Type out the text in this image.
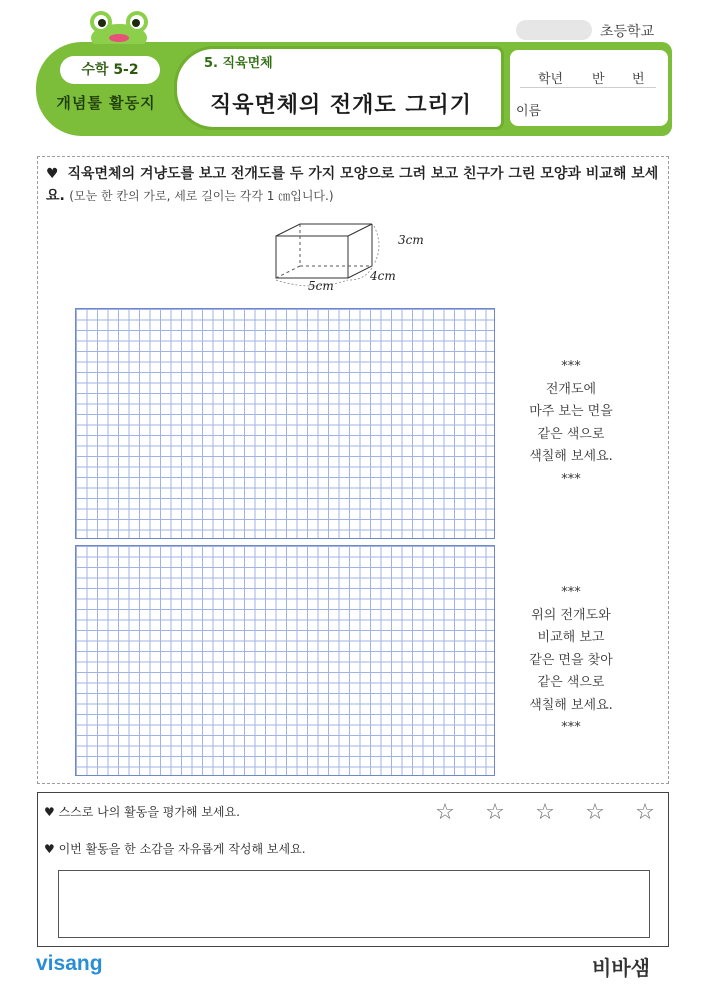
초등학교
수학 5-2
개념툴 활동지
5. 직육면체
직육면체의 전개도 그리기
학년 반 번

이름
♥ 직육면체의 겨냥도를 보고 전개도를 두 가지 모양으로 그려 보고 친구가 그린 모양과 비교해 보세요. (모눈 한 칸의 가로, 세로 길이는 각각 1 ㎝입니다.)
3cm
4cm
5cm
***
전개도에
마주 보는 면을
같은 색으로
색칠해 보세요.
***
***
위의 전개도와
비교해 보고
같은 면을 찾아
같은 색으로
색칠해 보세요.
***
♥ 스스로 나의 활동을 평가해 보세요.	☆ ☆ ☆ ☆ ☆
♥ 이번 활동을 한 소감을 자유롭게 작성해 보세요.
visang	비바샘
